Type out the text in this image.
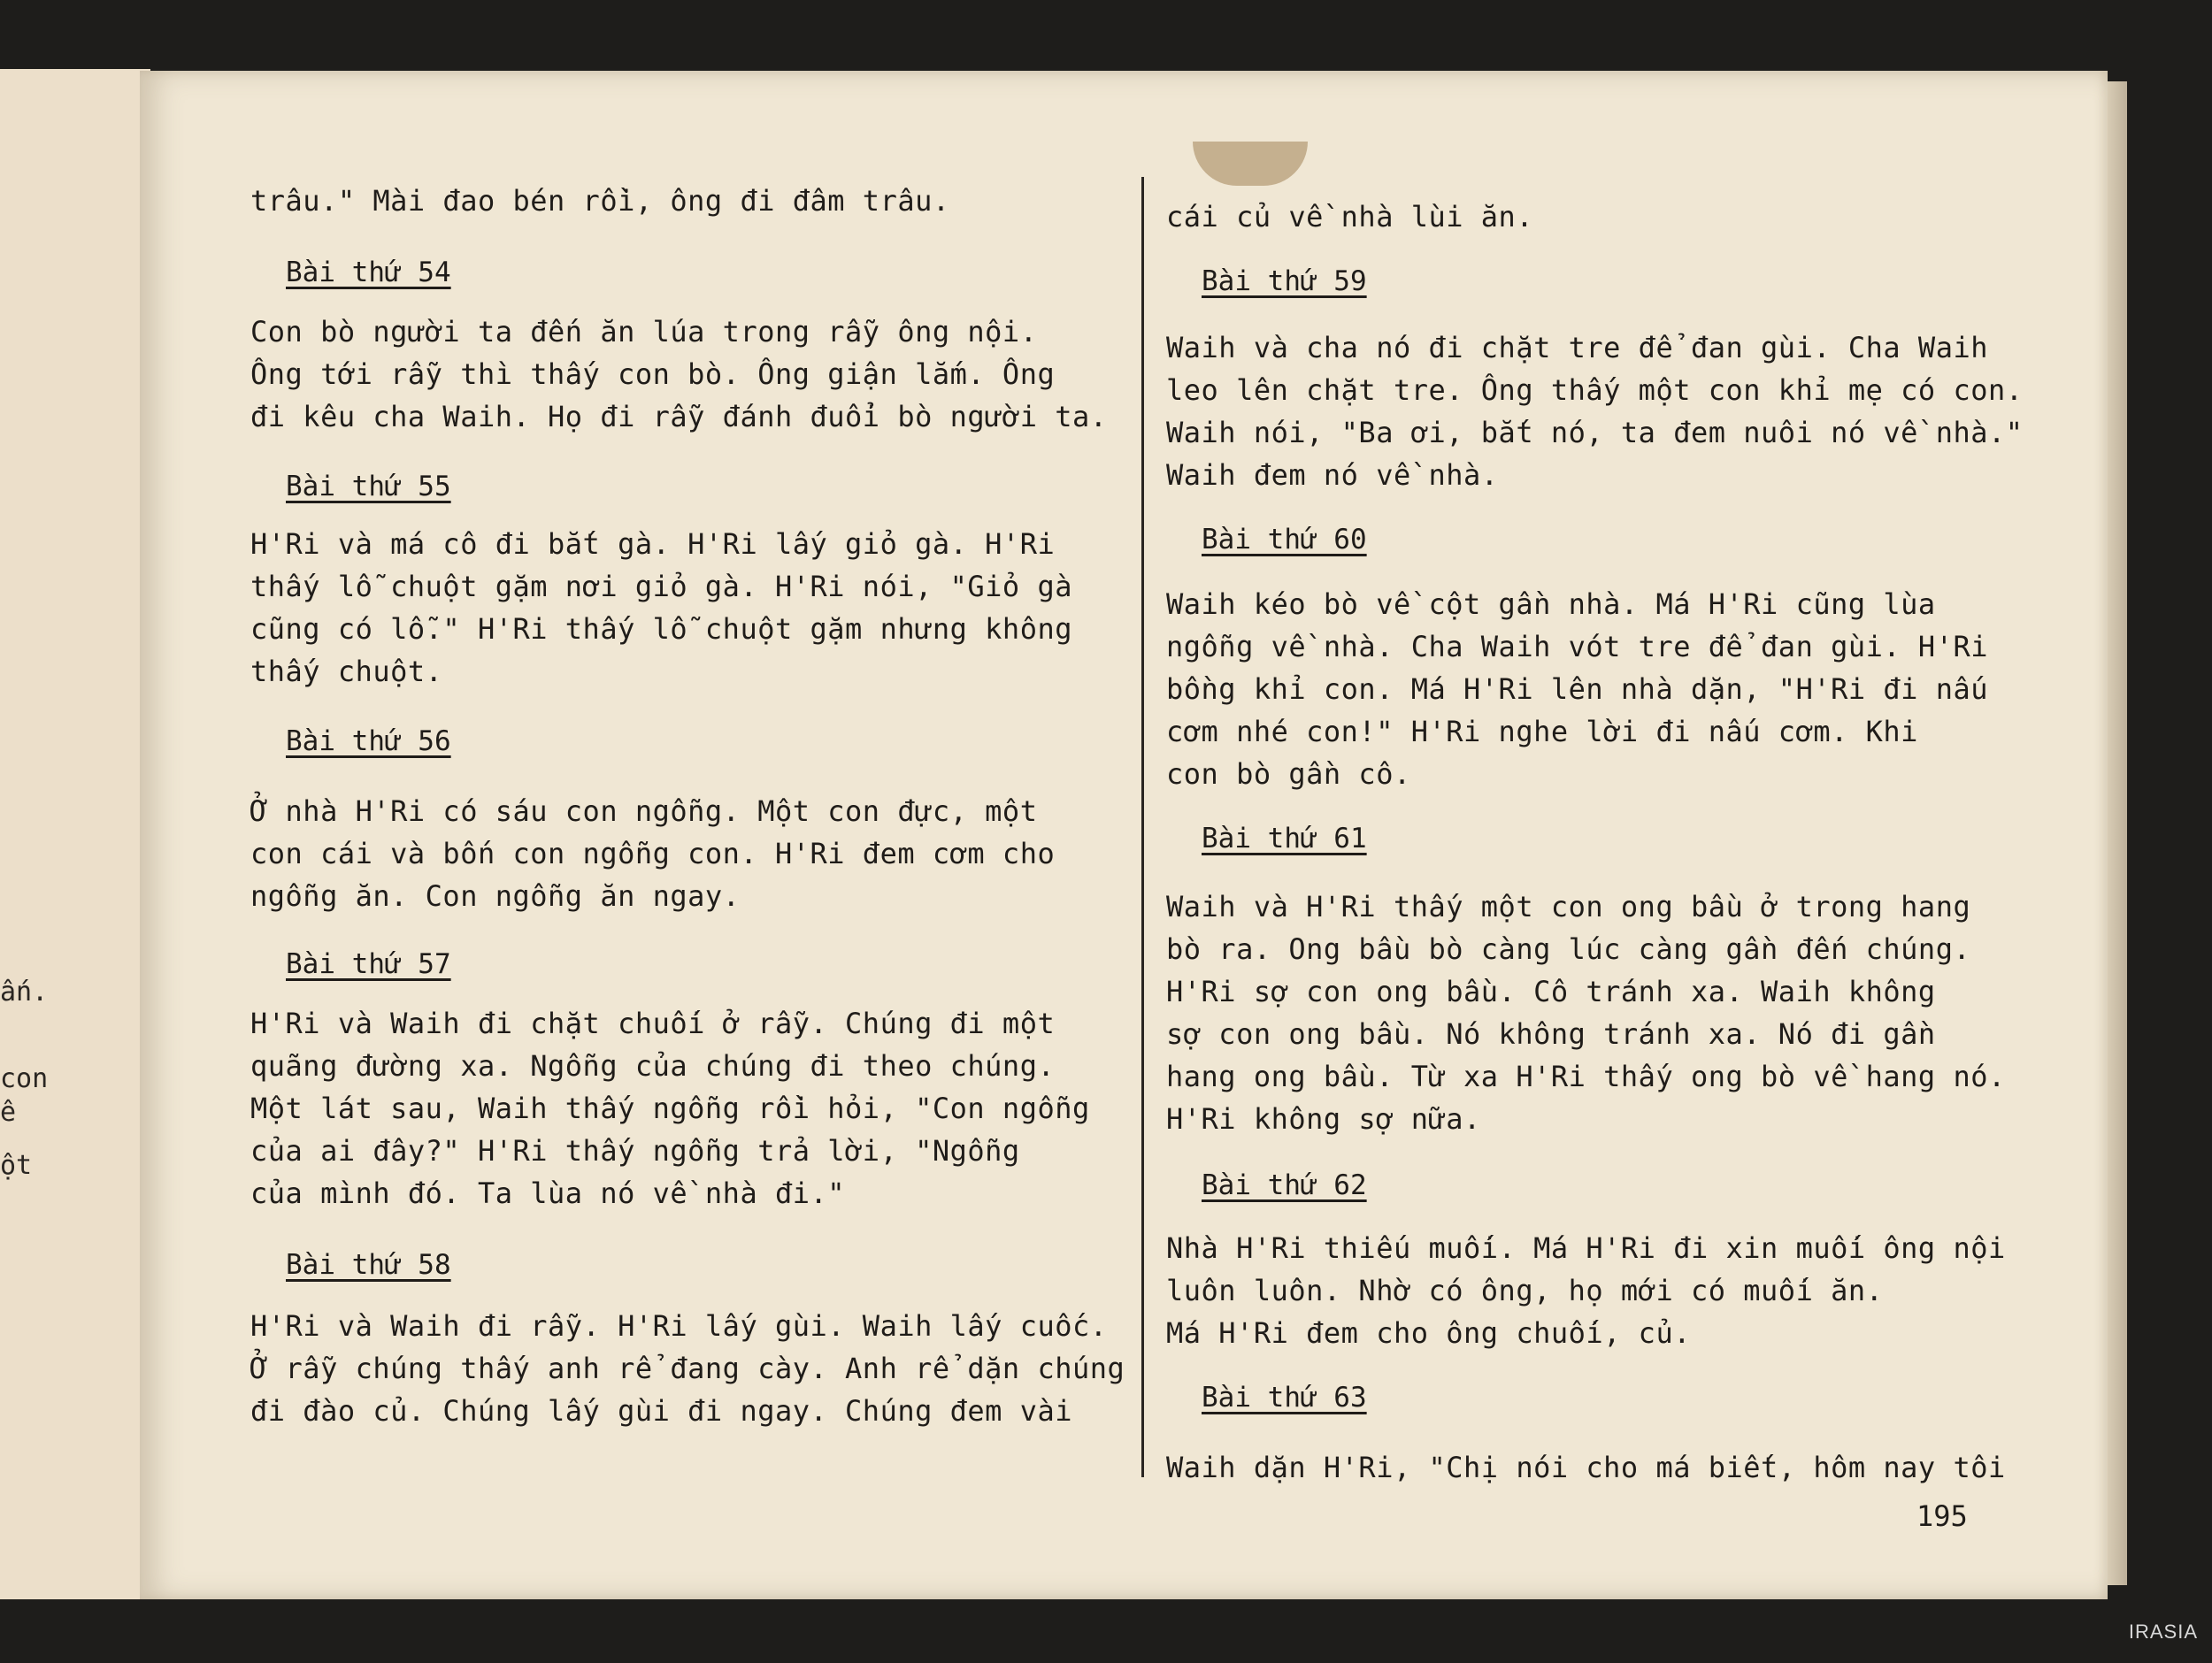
ấn.
con
ê
ột
trâu." Mài đao bén rồi, ông đi đâm trâu.
Bài thứ 54
Con bò người ta đến ăn lúa trong rẫy ông nội.
Ông tới rẫy thì thấy con bò. Ông giận lắm. Ông
đi kêu cha Waih. Họ đi rẫy đánh đuổi bò người ta.
Bài thứ 55
H'Ri và má cô đi bắt gà. H'Ri lấy giỏ gà. H'Ri
thấy lỗ chuột gặm nơi giỏ gà. H'Ri nói, "Giỏ gà
cũng có lỗ." H'Ri thấy lỗ chuột gặm nhưng không
thấy chuột.
Bài thứ 56
Ở nhà H'Ri có sáu con ngỗng. Một con đực, một
con cái và bốn con ngỗng con. H'Ri đem cơm cho
ngỗng ăn. Con ngỗng ăn ngay.
Bài thứ 57
H'Ri và Waih đi chặt chuối ở rẫy. Chúng đi một
quãng đường xa. Ngỗng của chúng đi theo chúng.
Một lát sau, Waih thấy ngỗng rồi hỏi, "Con ngỗng
của ai đây?" H'Ri thấy ngỗng trả lời, "Ngỗng
của mình đó. Ta lùa nó về nhà đi."
Bài thứ 58
H'Ri và Waih đi rẫy. H'Ri lấy gùi. Waih lấy cuốc.
Ở rẫy chúng thấy anh rể đang cày. Anh rể dặn chúng
đi đào củ. Chúng lấy gùi đi ngay. Chúng đem vài
cái củ về nhà lùi ăn.
Bài thứ 59
Waih và cha nó đi chặt tre để đan gùi. Cha Waih
leo lên chặt tre. Ông thấy một con khỉ mẹ có con.
Waih nói, "Ba ơi, bắt nó, ta đem nuôi nó về nhà."
Waih đem nó về nhà.
Bài thứ 60
Waih kéo bò về cột gần nhà. Má H'Ri cũng lùa
ngỗng về nhà. Cha Waih vót tre để đan gùi. H'Ri
bồng khỉ con. Má H'Ri lên nhà dặn, "H'Ri đi nấu
cơm nhé con!" H'Ri nghe lời đi nấu cơm. Khi
con bò gần cô.
Bài thứ 61
Waih và H'Ri thấy một con ong bầu ở trong hang
bò ra. Ong bầu bò càng lúc càng gần đến chúng.
H'Ri sợ con ong bầu. Cô tránh xa. Waih không
sợ con ong bầu. Nó không tránh xa. Nó đi gần
hang ong bầu. Từ xa H'Ri thấy ong bò về hang nó.
H'Ri không sợ nữa.
Bài thứ 62
Nhà H'Ri thiếu muối. Má H'Ri đi xin muối ông nội
luôn luôn. Nhờ có ông, họ mới có muối ăn.
Má H'Ri đem cho ông chuối, củ.
Bài thứ 63
Waih dặn H'Ri, "Chị nói cho má biết, hôm nay tôi
195
IRASIA
